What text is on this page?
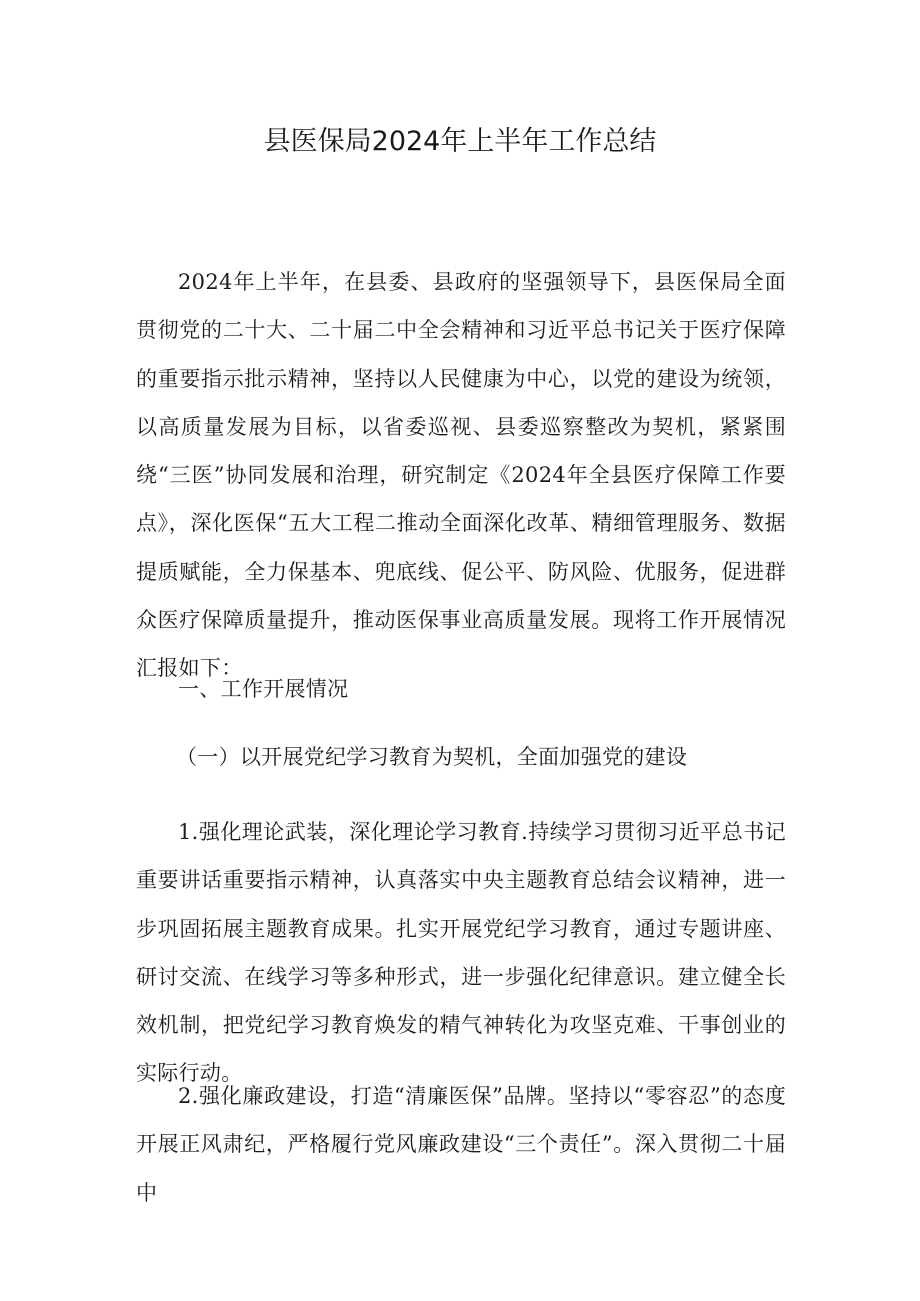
县医保局2024年上半年工作总结

2024年上半年，在县委、县政府的坚强领导下，县医保局全面贯彻党的二十大、二十届二中全会精神和习近平总书记关于医疗保障的重要指示批示精神，坚持以人民健康为中心，以党的建设为统领，以高质量发展为目标，以省委巡视、县委巡察整改为契机，紧紧围绕“三医”协同发展和治理，研究制定《2024年全县医疗保障工作要点》，深化医保“五大工程二推动全面深化改革、精细管理服务、数据提质赋能，全力保基本、兜底线、促公平、防风险、优服务，促进群众医疗保障质量提升，推动医保事业高质量发展。现将工作开展情况汇报如下：

一、工作开展情况

（一）以开展党纪学习教育为契机，全面加强党的建设

1.强化理论武装，深化理论学习教育.持续学习贯彻习近平总书记重要讲话重要指示精神，认真落实中央主题教育总结会议精神，进一步巩固拓展主题教育成果。扎实开展党纪学习教育，通过专题讲座、研讨交流、在线学习等多种形式，进一步强化纪律意识。建立健全长效机制，把党纪学习教育焕发的精气神转化为攻坚克难、干事创业的实际行动。

2.强化廉政建设，打造“清廉医保”品牌。坚持以“零容忍”的态度开展正风肃纪，严格履行党风廉政建设“三个责任”。深入贯彻二十届中
